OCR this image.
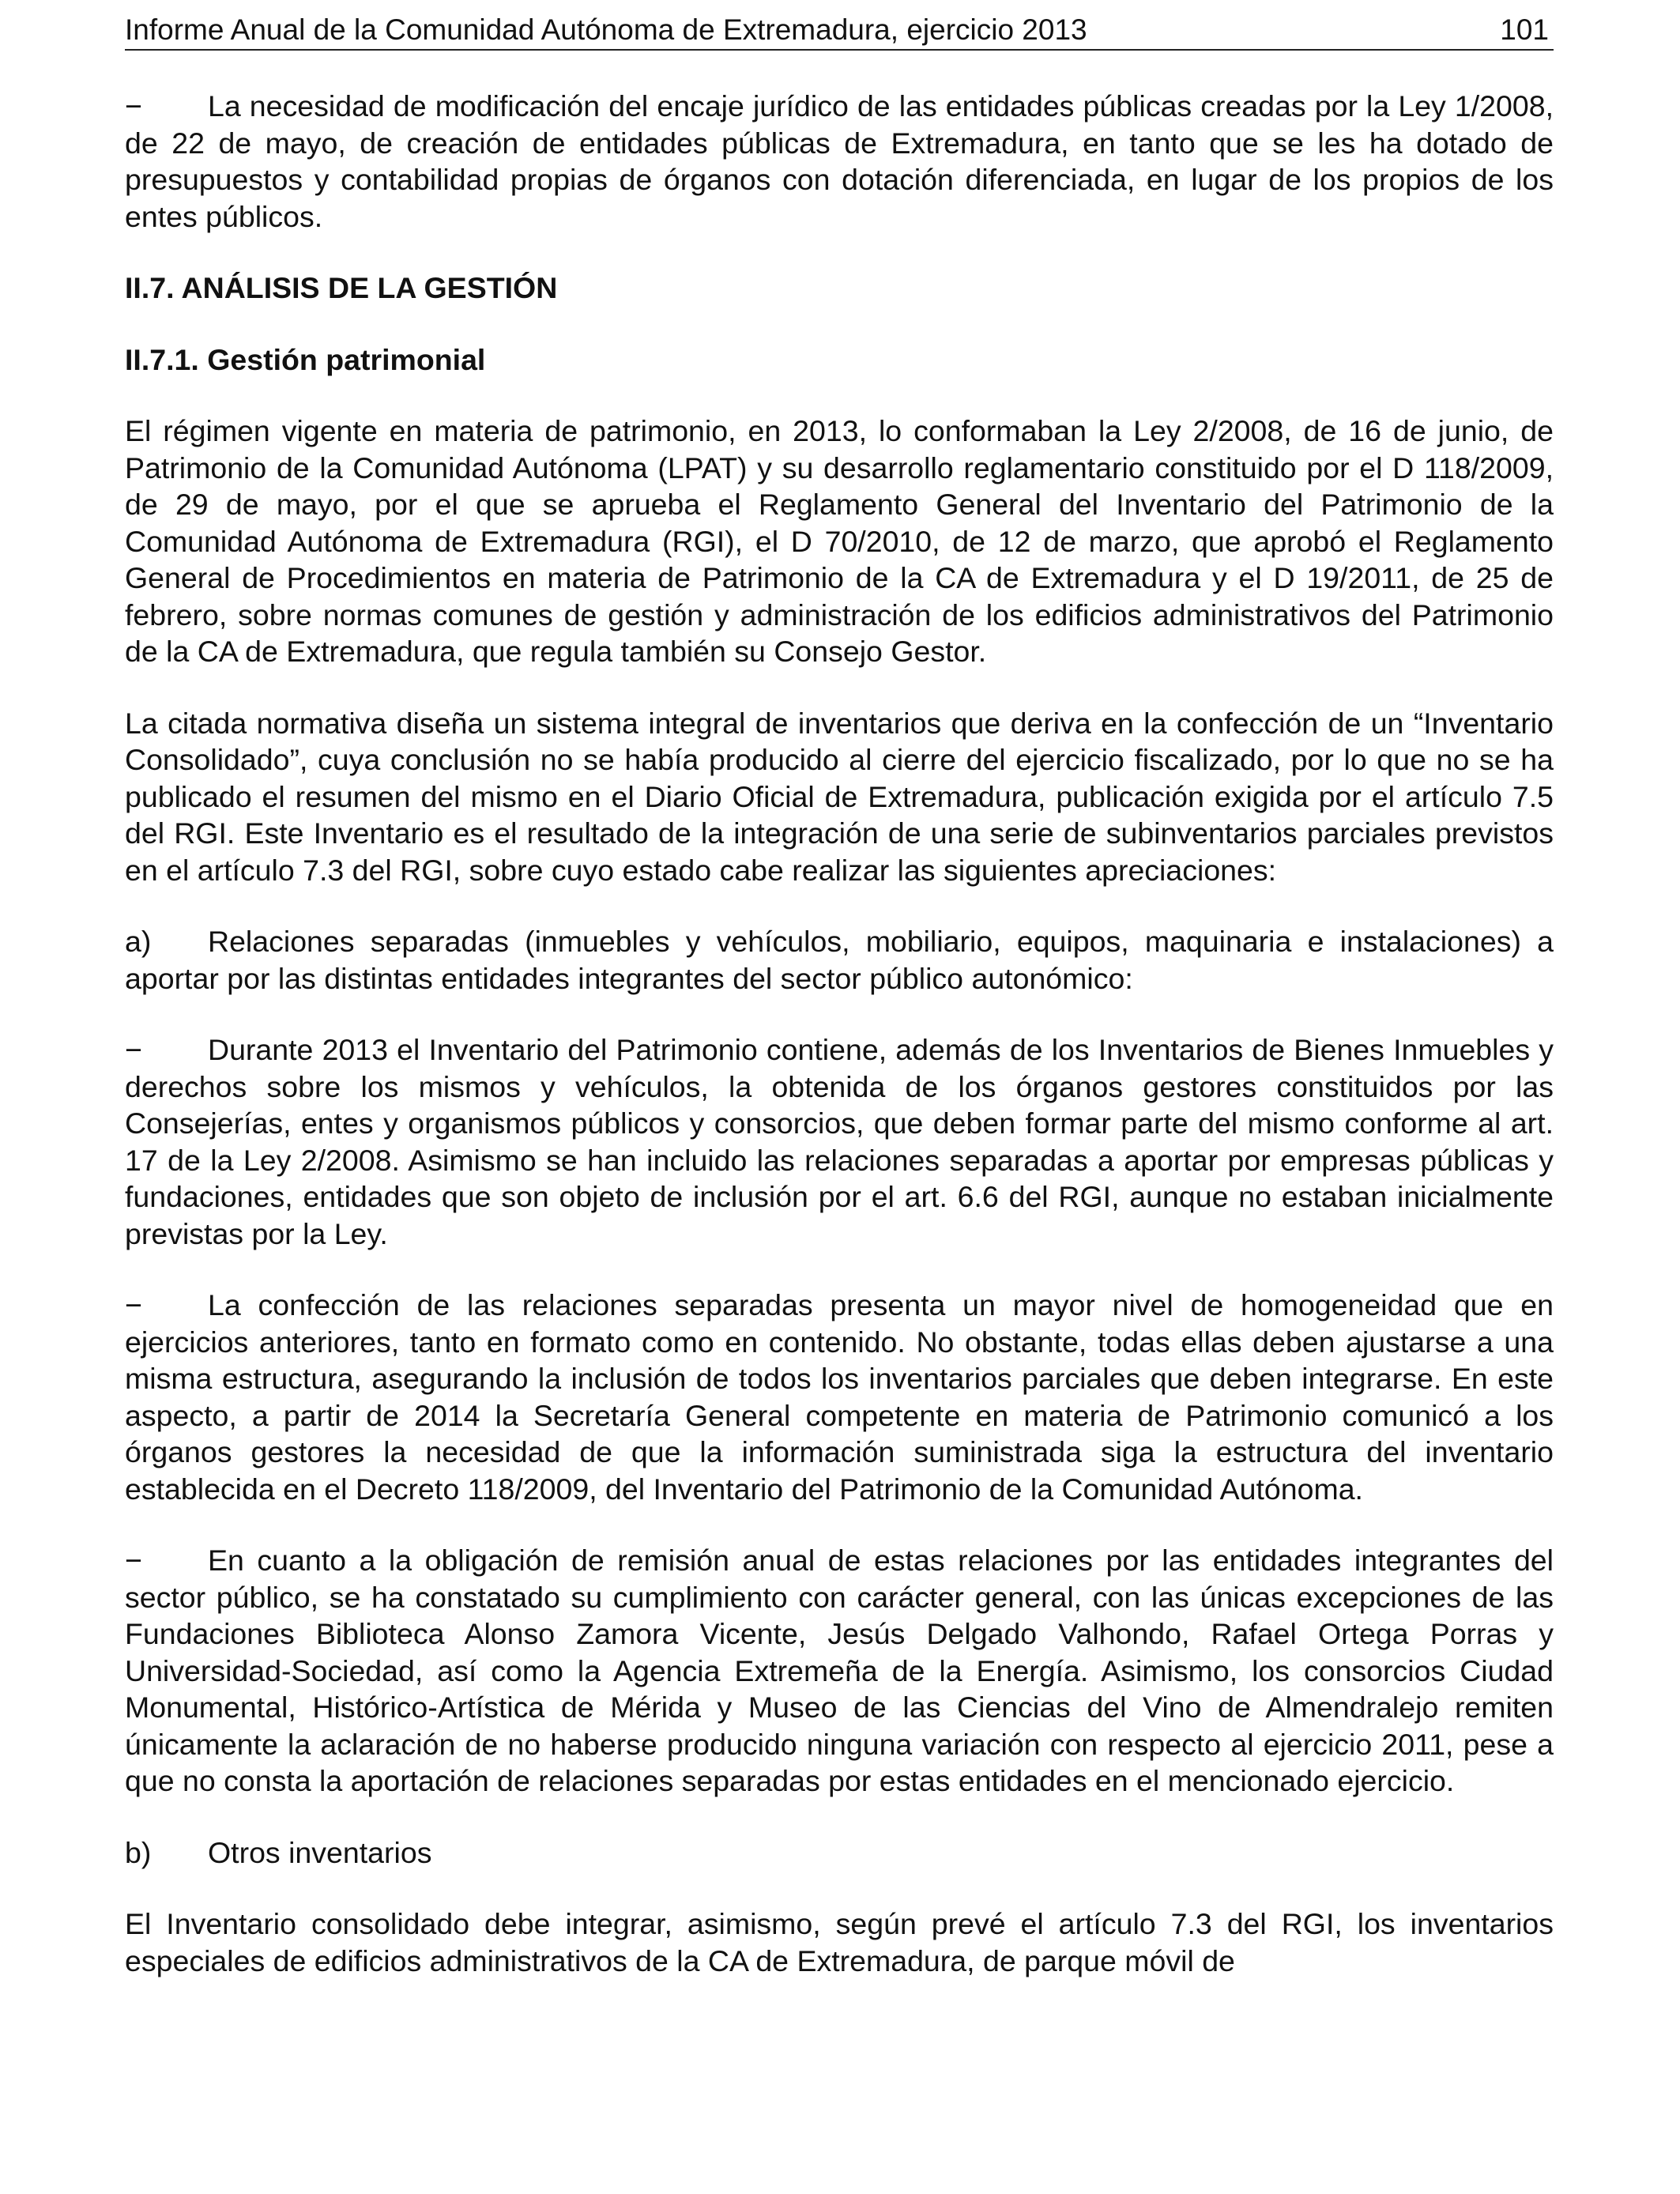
Informe Anual de la Comunidad Autónoma de Extremadura, ejercicio 2013	101

− La necesidad de modificación del encaje jurídico de las entidades públicas creadas por la Ley 1/2008, de 22 de mayo, de creación de entidades públicas de Extremadura, en tanto que se les ha dotado de presupuestos y contabilidad propias de órganos con dotación diferenciada, en lugar de los propios de los entes públicos.

II.7. ANÁLISIS DE LA GESTIÓN

II.7.1. Gestión patrimonial

El régimen vigente en materia de patrimonio, en 2013, lo conformaban la Ley 2/2008, de 16 de junio, de Patrimonio de la Comunidad Autónoma (LPAT) y su desarrollo reglamentario constituido por el D 118/2009, de 29 de mayo, por el que se aprueba el Reglamento General del Inventario del Patrimonio de la Comunidad Autónoma de Extremadura (RGI), el D 70/2010, de 12 de marzo, que aprobó el Reglamento General de Procedimientos en materia de Patrimonio de la CA de Extremadura y el D 19/2011, de 25 de febrero, sobre normas comunes de gestión y administración de los edificios administrativos del Patrimonio de la CA de Extremadura, que regula también su Consejo Gestor.

La citada normativa diseña un sistema integral de inventarios que deriva en la confección de un “Inventario Consolidado”, cuya conclusión no se había producido al cierre del ejercicio fiscalizado, por lo que no se ha publicado el resumen del mismo en el Diario Oficial de Extremadura, publicación exigida por el artículo 7.5 del RGI. Este Inventario es el resultado de la integración de una serie de subinventarios parciales previstos en el artículo 7.3 del RGI, sobre cuyo estado cabe realizar las siguientes apreciaciones:

a) Relaciones separadas (inmuebles y vehículos, mobiliario, equipos, maquinaria e instalaciones) a aportar por las distintas entidades integrantes del sector público autonómico:

− Durante 2013 el Inventario del Patrimonio contiene, además de los Inventarios de Bienes Inmuebles y derechos sobre los mismos y vehículos, la obtenida de los órganos gestores constituidos por las Consejerías, entes y organismos públicos y consorcios, que deben formar parte del mismo conforme al art. 17 de la Ley 2/2008. Asimismo se han incluido las relaciones separadas a aportar por empresas públicas y fundaciones, entidades que son objeto de inclusión por el art. 6.6 del RGI, aunque no estaban inicialmente previstas por la Ley.

− La confección de las relaciones separadas presenta un mayor nivel de homogeneidad que en ejercicios anteriores, tanto en formato como en contenido. No obstante, todas ellas deben ajustarse a una misma estructura, asegurando la inclusión de todos los inventarios parciales que deben integrarse. En este aspecto, a partir de 2014 la Secretaría General competente en materia de Patrimonio comunicó a los órganos gestores la necesidad de que la información suministrada siga la estructura del inventario establecida en el Decreto 118/2009, del Inventario del Patrimonio de la Comunidad Autónoma.

− En cuanto a la obligación de remisión anual de estas relaciones por las entidades integrantes del sector público, se ha constatado su cumplimiento con carácter general, con las únicas excepciones de las Fundaciones Biblioteca Alonso Zamora Vicente, Jesús Delgado Valhondo, Rafael Ortega Porras y Universidad-Sociedad, así como la Agencia Extremeña de la Energía. Asimismo, los consorcios Ciudad Monumental, Histórico-Artística de Mérida y Museo de las Ciencias del Vino de Almendralejo remiten únicamente la aclaración de no haberse producido ninguna variación con respecto al ejercicio 2011, pese a que no consta la aportación de relaciones separadas por estas entidades en el mencionado ejercicio.

b) Otros inventarios

El Inventario consolidado debe integrar, asimismo, según prevé el artículo 7.3 del RGI, los inventarios especiales de edificios administrativos de la CA de Extremadura, de parque móvil de
